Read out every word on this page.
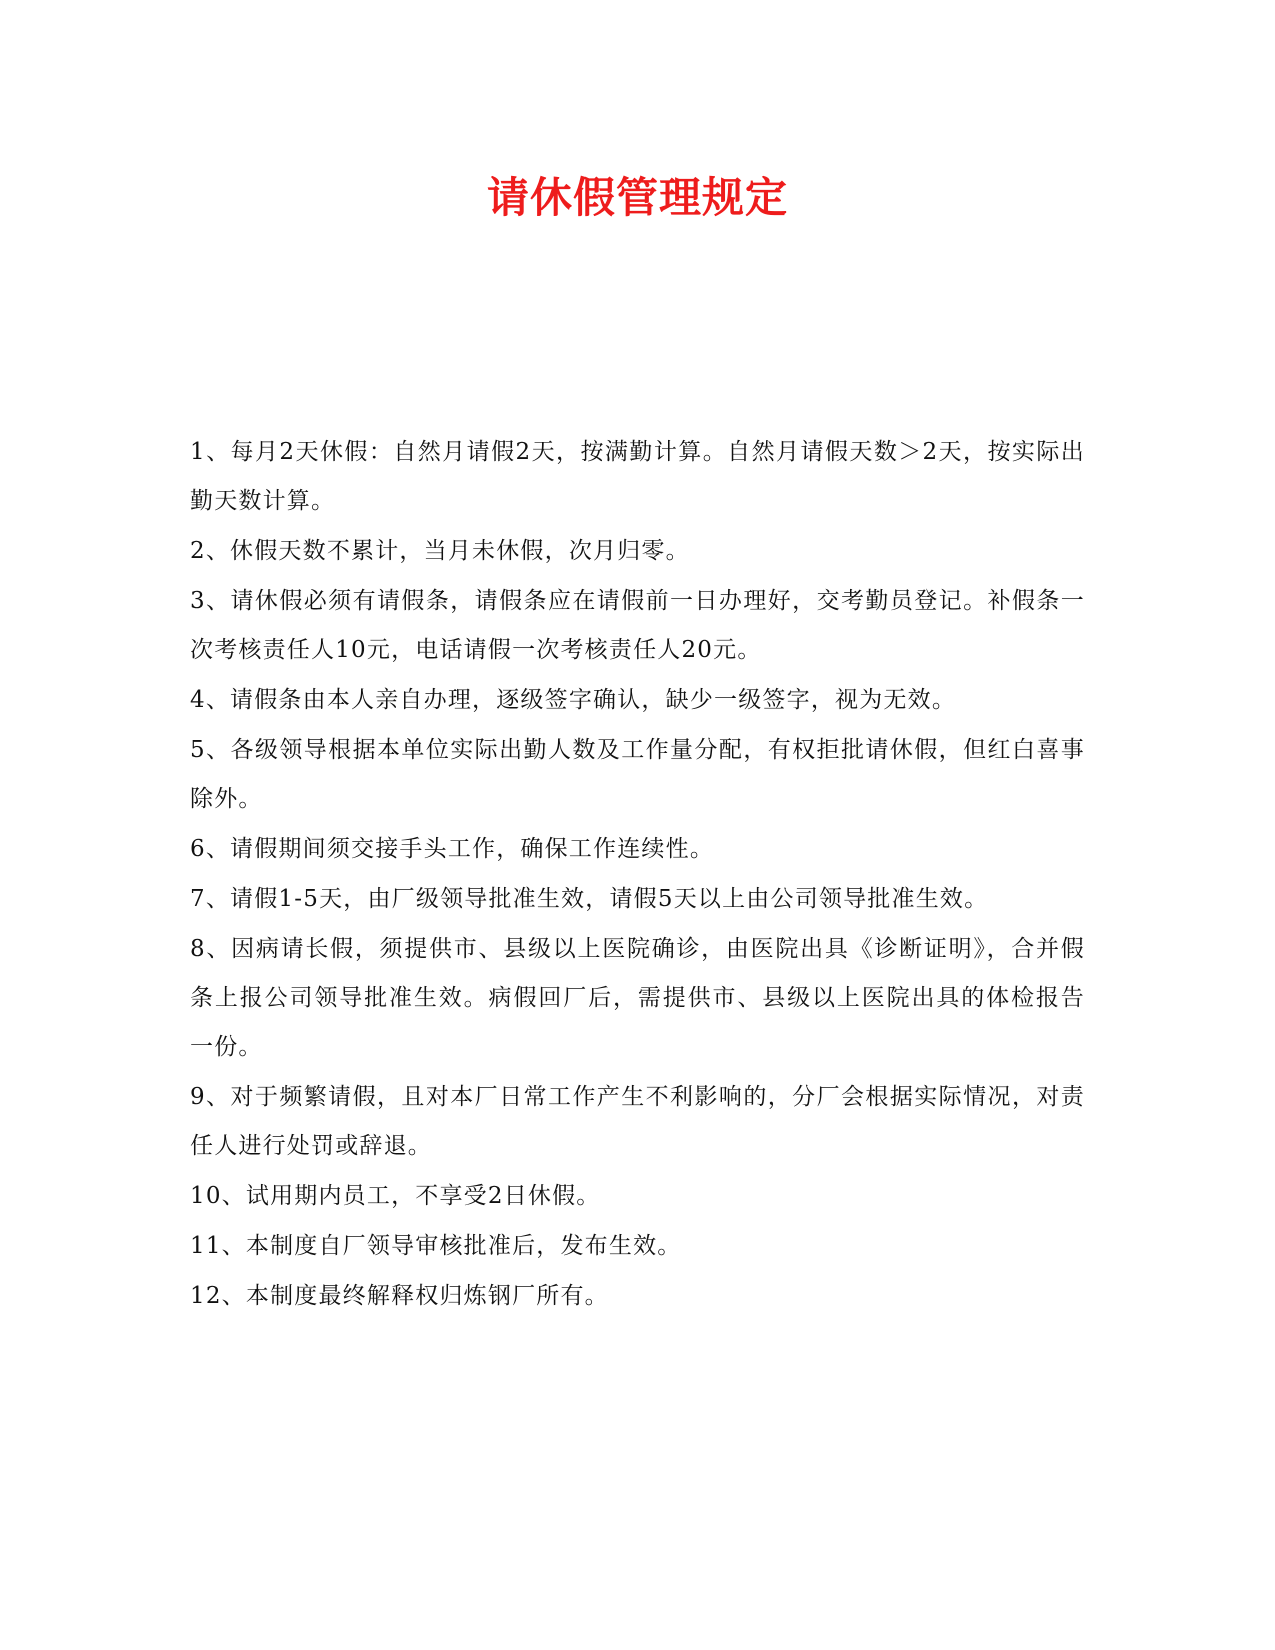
请休假管理规定

1、每月2天休假：自然月请假2天，按满勤计算。自然月请假天数＞2天，按实际出勤天数计算。

2、休假天数不累计，当月未休假，次月归零。

3、请休假必须有请假条，请假条应在请假前一日办理好，交考勤员登记。补假条一次考核责任人10元，电话请假一次考核责任人20元。

4、请假条由本人亲自办理，逐级签字确认，缺少一级签字，视为无效。

5、各级领导根据本单位实际出勤人数及工作量分配，有权拒批请休假，但红白喜事除外。

6、请假期间须交接手头工作，确保工作连续性。

7、请假1-5天，由厂级领导批准生效，请假5天以上由公司领导批准生效。

8、因病请长假，须提供市、县级以上医院确诊，由医院出具《诊断证明》，合并假条上报公司领导批准生效。病假回厂后，需提供市、县级以上医院出具的体检报告一份。

9、对于频繁请假，且对本厂日常工作产生不利影响的，分厂会根据实际情况，对责任人进行处罚或辞退。

10、试用期内员工，不享受2日休假。

11、本制度自厂领导审核批准后，发布生效。

12、本制度最终解释权归炼钢厂所有。
